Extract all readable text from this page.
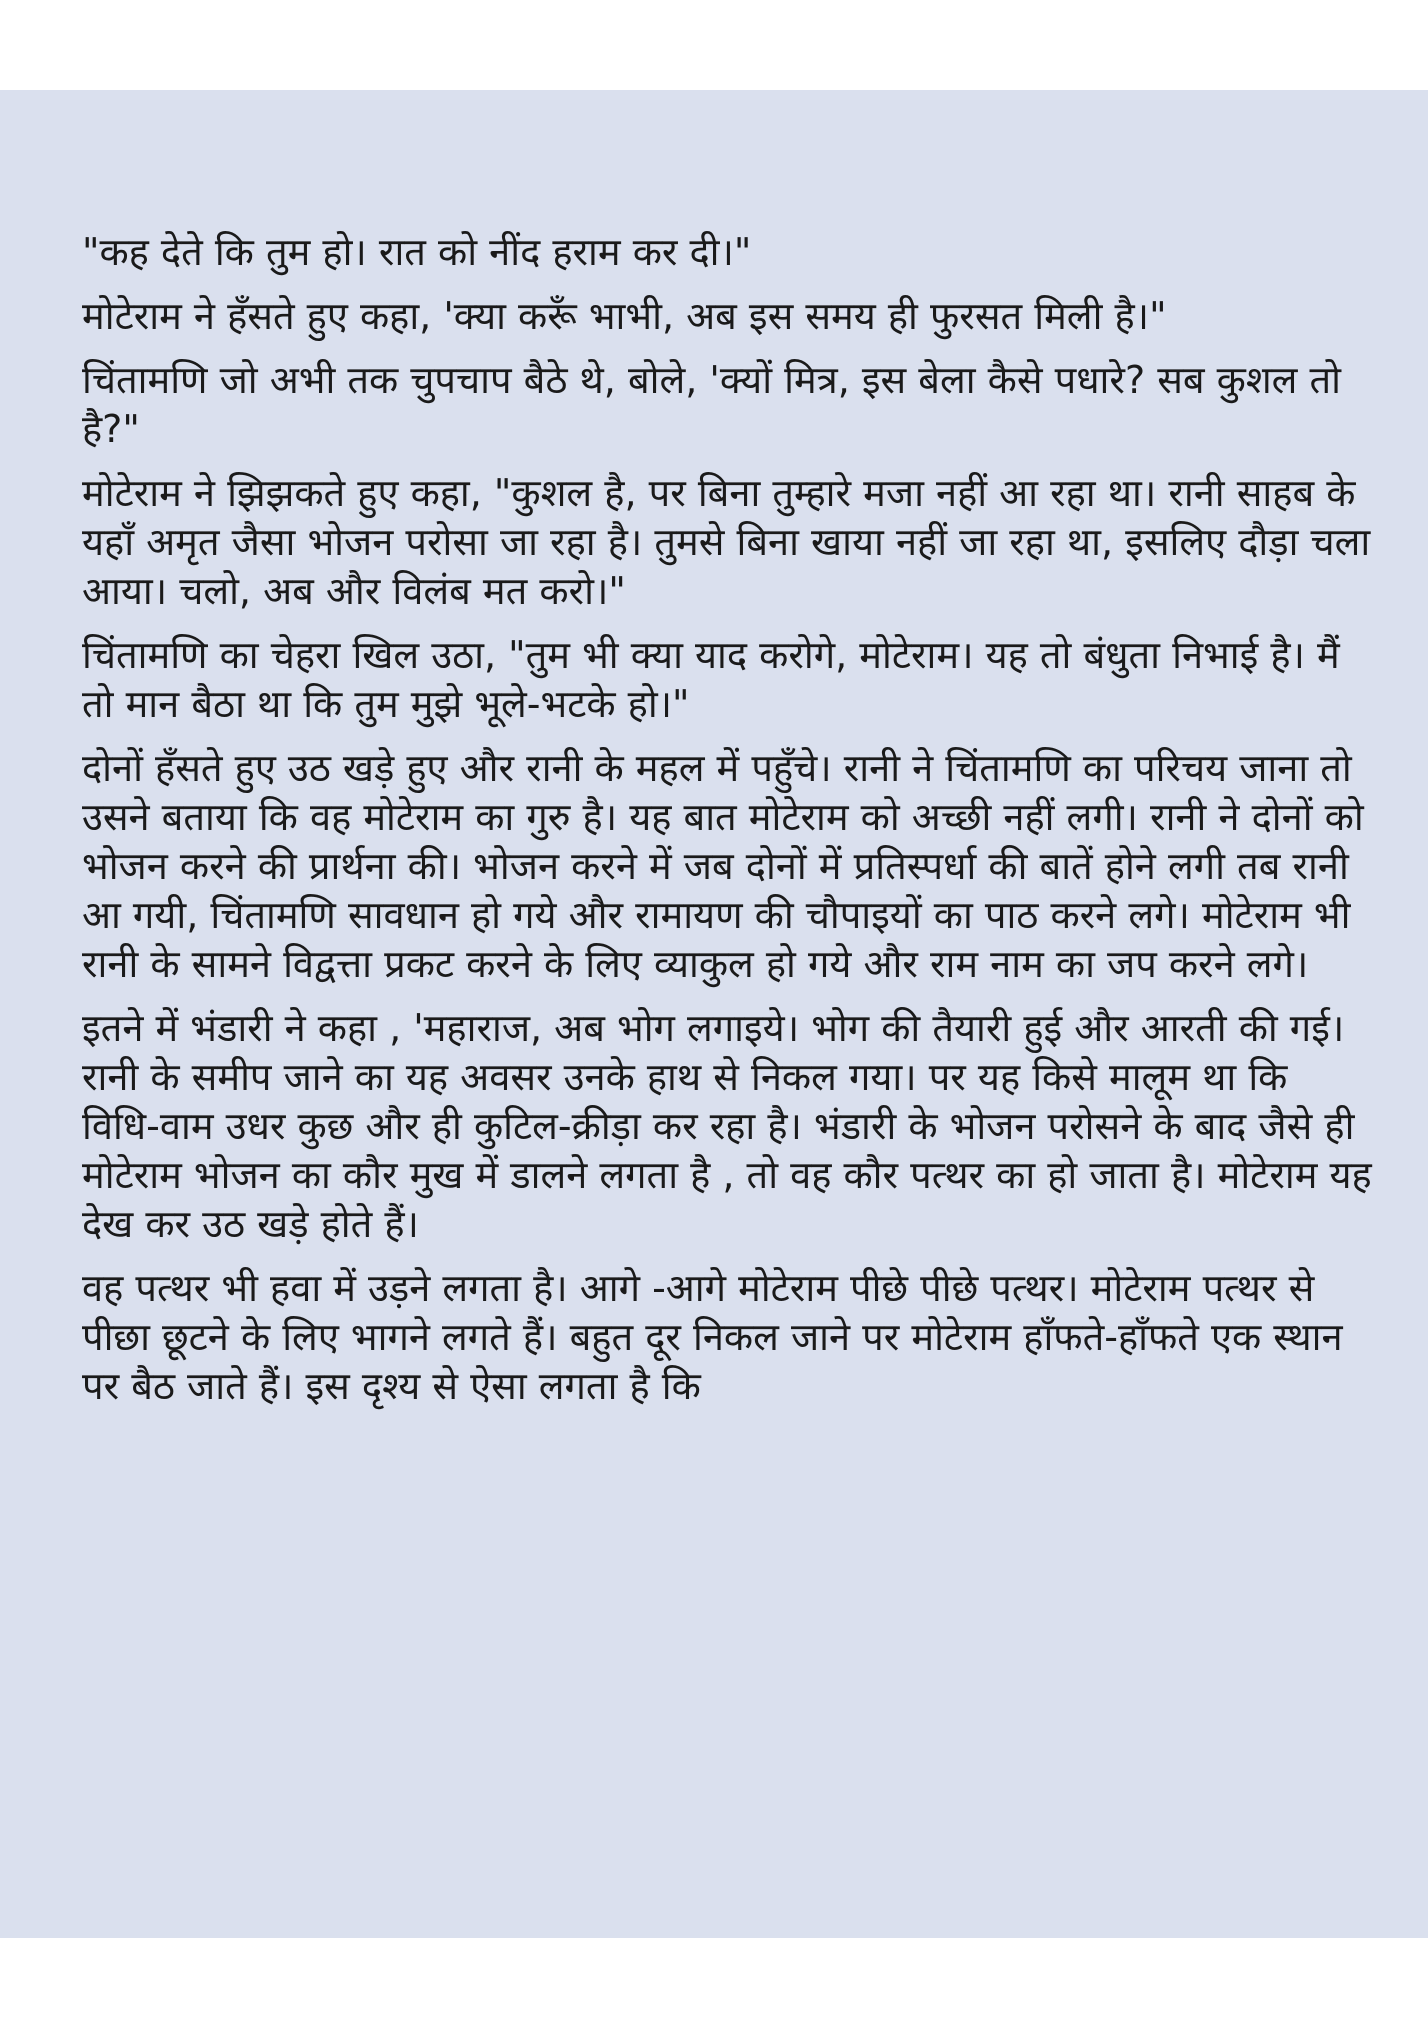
"कह देते कि तुम हो। रात को नींद हराम कर दी।"

मोटेराम ने हँसते हुए कहा, 'क्या करूँ भाभी, अब इस समय ही फुरसत मिली है।"

चिंतामणि जो अभी तक चुपचाप बैठे थे, बोले, 'क्यों मित्र, इस बेला कैसे पधारे? सब कुशल तो है?"

मोटेराम ने झिझकते हुए कहा, "कुशल है, पर बिना तुम्हारे मजा नहीं आ रहा था। रानी साहब के यहाँ अमृत जैसा भोजन परोसा जा रहा है। तुमसे बिना खाया नहीं जा रहा था, इसलिए दौड़ा चला आया। चलो, अब और विलंब मत करो।"

चिंतामणि का चेहरा खिल उठा, "तुम भी क्या याद करोगे, मोटेराम। यह तो बंधुता निभाई है। मैं तो मान बैठा था कि तुम मुझे भूले-भटके हो।"

दोनों हँसते हुए उठ खड़े हुए और रानी के महल में पहुँचे। रानी ने चिंतामणि का परिचय जाना तो उसने बताया कि वह मोटेराम का गुरु है। यह बात मोटेराम को अच्छी नहीं लगी। रानी ने दोनों को भोजन करने की प्रार्थना की। भोजन करने में जब दोनों में प्रतिस्पर्धा की बातें होने लगी तब रानी आ गयी, चिंतामणि सावधान हो गये और रामायण की चौपाइयों का पाठ करने लगे। मोटेराम भी रानी के सामने विद्वत्ता प्रकट करने के लिए व्याकुल हो गये और राम नाम का जप करने लगे।

इतने में भंडारी ने कहा , 'महाराज, अब भोग लगाइये। भोग की तैयारी हुई और आरती की गई। रानी के समीप जाने का यह अवसर उनके हाथ से निकल गया। पर यह किसे मालूम था कि विधि-वाम उधर कुछ और ही कुटिल-क्रीड़ा कर रहा है। भंडारी के भोजन परोसने के बाद जैसे ही मोटेराम भोजन का कौर मुख में डालने लगता है , तो वह कौर पत्थर का हो जाता है। मोटेराम यह देख कर उठ खड़े होते हैं।

वह पत्थर भी हवा में उड़ने लगता है। आगे -आगे मोटेराम पीछे पीछे पत्थर। मोटेराम पत्थर से पीछा छूटने के लिए भागने लगते हैं। बहुत दूर निकल जाने पर मोटेराम हाँफते-हाँफते एक स्थान पर बैठ जाते हैं। इस दृश्य से ऐसा लगता है कि
